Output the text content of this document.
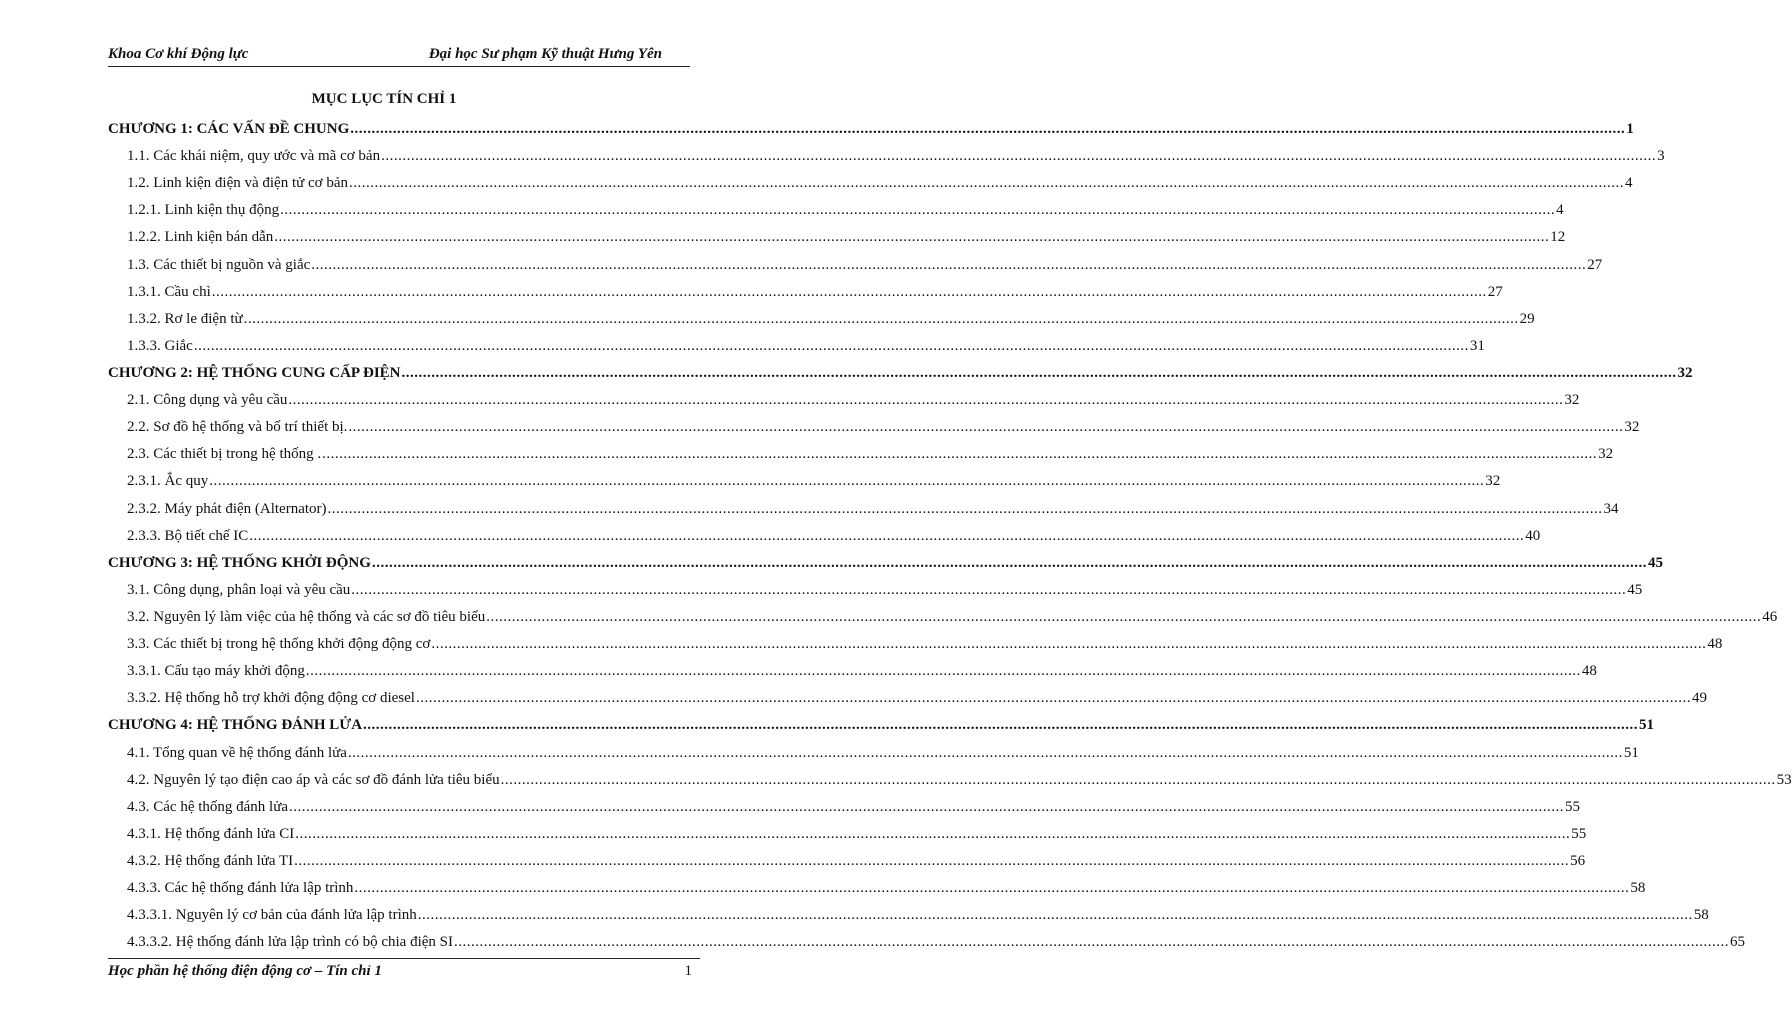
Khoa Cơ khí Động lực	Đại học Sư phạm Kỹ thuật Hưng Yên
MỤC LỤC TÍN CHỈ 1
CHƯƠNG 1: CÁC VẤN ĐỀ CHUNG ............................................................................................................................................................................................................................................................................................................ 1
1.1. Các khái niệm, quy ước và mã cơ bản ............................................................................................................................................................................................................................................................................................................ 3
1.2. Linh kiện điện và điện tử cơ bản ............................................................................................................................................................................................................................................................................................................ 4
1.2.1. Linh kiện thụ động ............................................................................................................................................................................................................................................................................................................ 4
1.2.2. Linh kiện bán dẫn ............................................................................................................................................................................................................................................................................................................ 12
1.3. Các thiết bị nguồn và giắc ............................................................................................................................................................................................................................................................................................................ 27
1.3.1. Cầu chì ............................................................................................................................................................................................................................................................................................................ 27
1.3.2. Rơ le điện từ ............................................................................................................................................................................................................................................................................................................ 29
1.3.3. Giắc ............................................................................................................................................................................................................................................................................................................ 31
CHƯƠNG 2: HỆ THỐNG CUNG CẤP ĐIỆN ............................................................................................................................................................................................................................................................................................................ 32
2.1. Công dụng và yêu cầu ............................................................................................................................................................................................................................................................................................................ 32
2.2. Sơ đồ hệ thống và bố trí thiết bị. ............................................................................................................................................................................................................................................................................................................ 32
2.3. Các thiết bị trong hệ thống . ............................................................................................................................................................................................................................................................................................................ 32
2.3.1. Ắc quy ............................................................................................................................................................................................................................................................................................................ 32
2.3.2. Máy phát điện (Alternator) ............................................................................................................................................................................................................................................................................................................ 34
2.3.3. Bộ tiết chế IC ............................................................................................................................................................................................................................................................................................................ 40
CHƯƠNG 3: HỆ THỐNG KHỞI ĐỘNG ............................................................................................................................................................................................................................................................................................................ 45
3.1. Công dụng, phân loại và yêu cầu ............................................................................................................................................................................................................................................................................................................ 45
3.2. Nguyên lý làm việc của hệ thống và các sơ đồ tiêu biểu ............................................................................................................................................................................................................................................................................................................ 46
3.3. Các thiết bị trong hệ thống khởi động động cơ ............................................................................................................................................................................................................................................................................................................ 48
3.3.1. Cấu tạo máy khởi động ............................................................................................................................................................................................................................................................................................................ 48
3.3.2. Hệ thống hỗ trợ khởi động động cơ diesel ............................................................................................................................................................................................................................................................................................................ 49
CHƯƠNG 4: HỆ THỐNG ĐÁNH LỬA ............................................................................................................................................................................................................................................................................................................ 51
4.1. Tổng quan về hệ thống đánh lửa ............................................................................................................................................................................................................................................................................................................ 51
4.2. Nguyên lý tạo điện cao áp và các sơ đồ đánh lửa tiêu biểu ............................................................................................................................................................................................................................................................................................................ 53
4.3. Các hệ thống đánh lửa ............................................................................................................................................................................................................................................................................................................ 55
4.3.1. Hệ thống đánh lửa CI ............................................................................................................................................................................................................................................................................................................ 55
4.3.2. Hệ thống đánh lửa TI ............................................................................................................................................................................................................................................................................................................ 56
4.3.3. Các hệ thống đánh lửa lập trình ............................................................................................................................................................................................................................................................................................................ 58
4.3.3.1. Nguyên lý cơ bản của đánh lửa lập trình ............................................................................................................................................................................................................................................................................................................ 58
4.3.3.2. Hệ thống đánh lửa lập trình có bộ chia điện SI ............................................................................................................................................................................................................................................................................................................ 65
Học phần hệ thống điện động cơ – Tín chỉ 1	1
